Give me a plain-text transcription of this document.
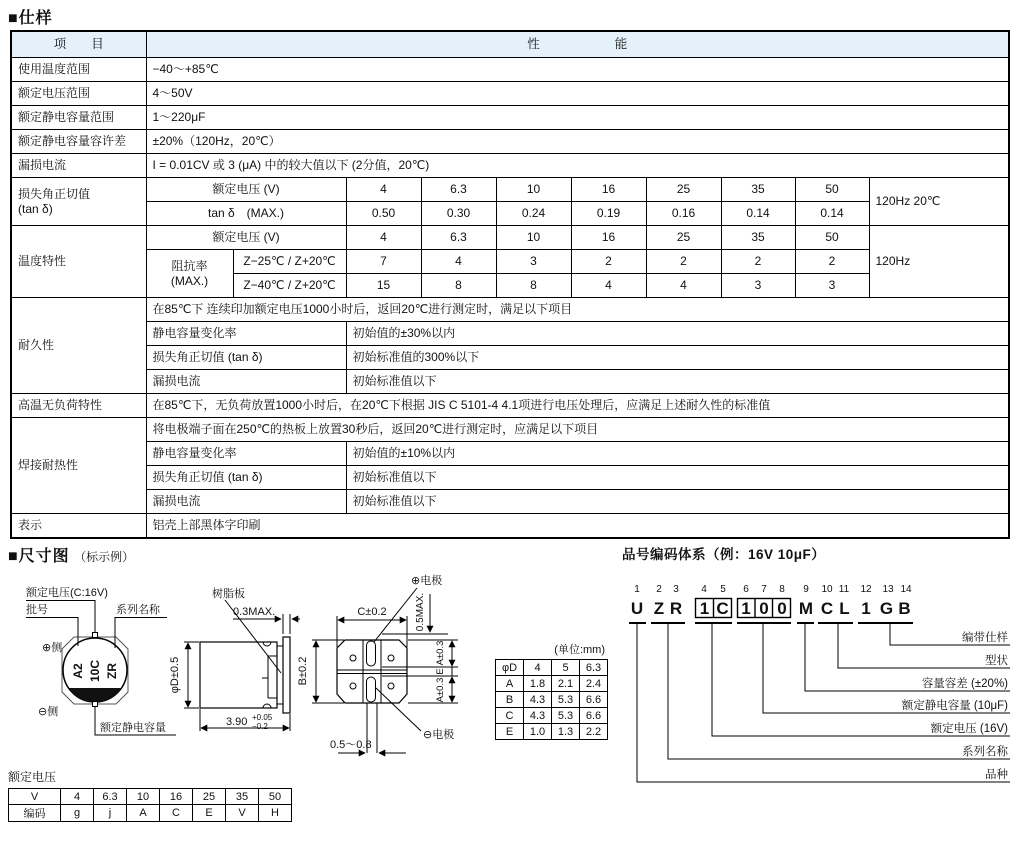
■仕样
项　　目	性　　　　　　能									
使用温度范围	−40～+85℃									
额定电压范围	4～50V									
额定静电容量范围	1～220μF									
额定静电容量容许差	±20%（120Hz，20℃）									
漏损电流	I = 0.01CV 或 3 (μA) 中的较大值以下 (2分值，20℃)									

损失角正切值
(tan δ)	额定电压 (V)		4	6.3	10	16	25	35	50	120Hz 20℃
	tan δ　(MAX.)		0.50	0.30	0.24	0.19	0.16	0.14	0.14	
温度特性	额定电压 (V)		4	6.3	10	16	25	35	50	120Hz

	阻抗率
(MAX.)	Z−25℃ / Z+20℃	7	4	3	2	2	2	2	
		Z−40℃ / Z+20℃	15	8	8	4	4	3	3	
耐久性	在85℃下 连续印加额定电压1000小时后，返回20℃进行测定时，满足以下项目									
	静电容量变化率		初始值的±30%以内							
	损失角正切值 (tan δ)		初始标准值的300%以下							
	漏损电流		初始标准值以下							
高温无负荷特性	在85℃下，无负荷放置1000小时后，在20℃下根据 JIS C 5101-4 4.1项进行电压处理后，应满足上述耐久性的标准值									
焊接耐热性	将电极端子面在250℃的热板上放置30秒后，返回20℃进行测定时，应满足以下项目									
	静电容量变化率		初始值的±10%以内							
	损失角正切值 (tan δ)		初始标准值以下							
	漏损电流		初始标准值以下							
表示	铝壳上部黑体字印刷									
■尺寸图 （标示例）
A2 10C ZR
额定电压(C:16V)
批号	系列名称
⊕侧
⊖侧
额定静电容量
树脂板
0.3MAX.
φD±0.5
3.90 +0.05
−0.2
⊕电极
⊖电极
C±0.2	0.5MAX.
A±0.3
E
A±0.3
B±0.2
0.5～0.8
(单位:mm)
φD	4	5	6.3
A	1.8	2.1	2.4
B	4.3	5.3	6.6
C	4.3	5.3	6.6
E	1.0	1.3	2.2
额定电压
V	4	6.3	10	16	25	35	50
编码	g	j	A	C	E	V	H
品号编码体系（例：16V 10μF）
1 2 3 4 5 6 7 8 9 10 11 12 13 14
U Z R 1 C 1 0 0 M C L 1 G B
编带仕样
型状
容量容差 (±20%)
额定静电容量 (10μF)
额定电压 (16V)
系列名称
品种
